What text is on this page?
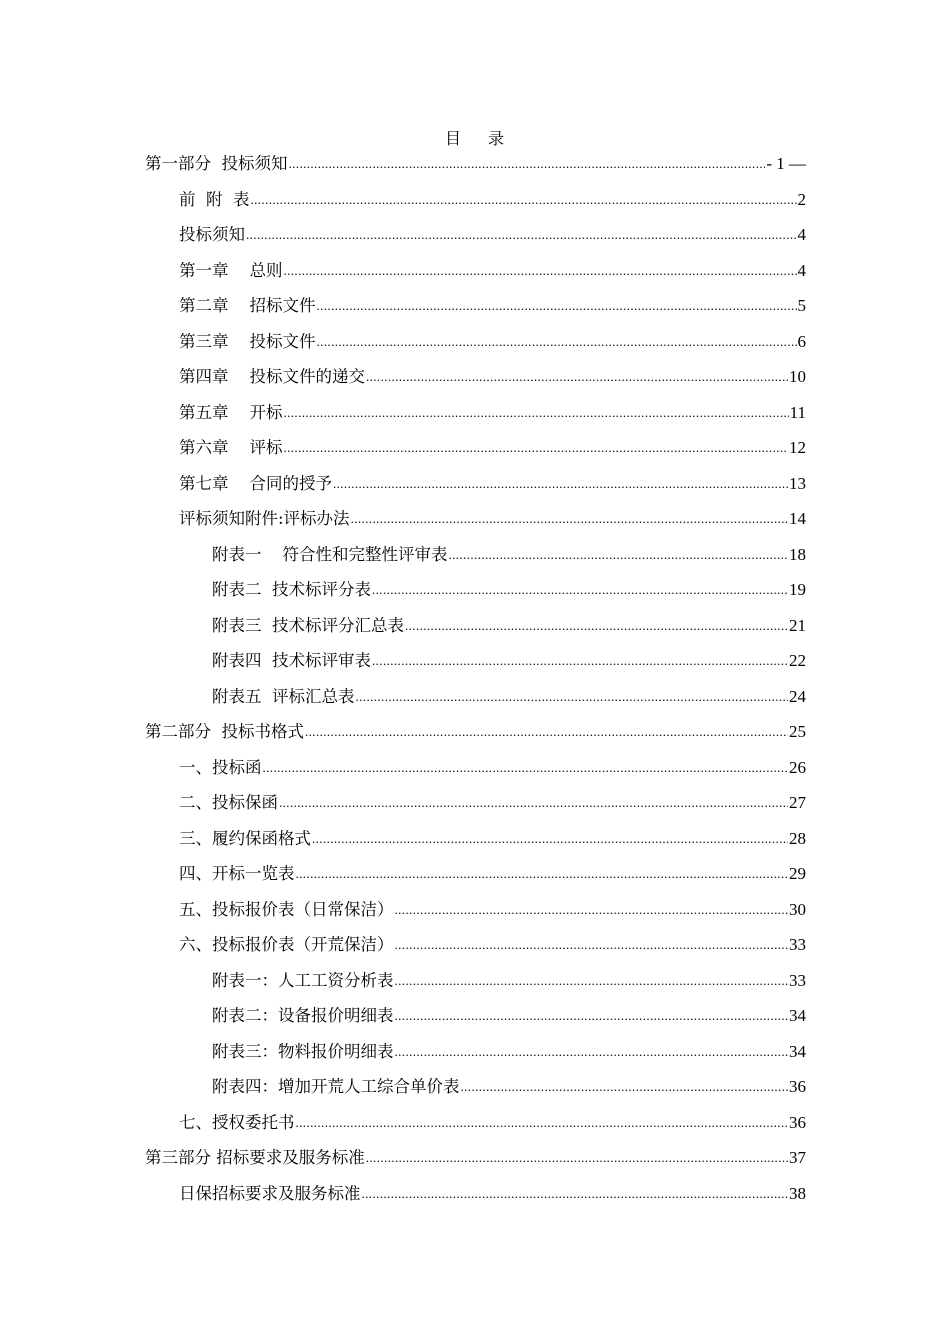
目 录
第一部分  投标须知 .....	- 1 —
前  附  表 .....	2
投标须知 .....	4
第一章    总则 .....	4
第二章    招标文件 .....	5
第三章    投标文件 .....	6
第四章    投标文件的递交 .....	10
第五章    开标 .....	11
第六章    评标 .....	12
第七章    合同的授予 .....	13
评标须知附件:评标办法 .....	14
附表一    符合性和完整性评审表 .....	18
附表二  技术标评分表 .....	19
附表三  技术标评分汇总表 .....	21
附表四  技术标评审表 .....	22
附表五  评标汇总表 .....	24
第二部分  投标书格式 .....	25
一、投标函 .....	26
二、投标保函 .....	27
三、履约保函格式 .....	28
四、开标一览表 .....	29
五、投标报价表（日常保洁） .....	30
六、投标报价表（开荒保洁） .....	33
附表一：人工工资分析表 .....	33
附表二：设备报价明细表 .....	34
附表三：物料报价明细表 .....	34
附表四：增加开荒人工综合单价表 .....	36
七、授权委托书 .....	36
第三部分 招标要求及服务标准 .....	37
日保招标要求及服务标准 .....	38
